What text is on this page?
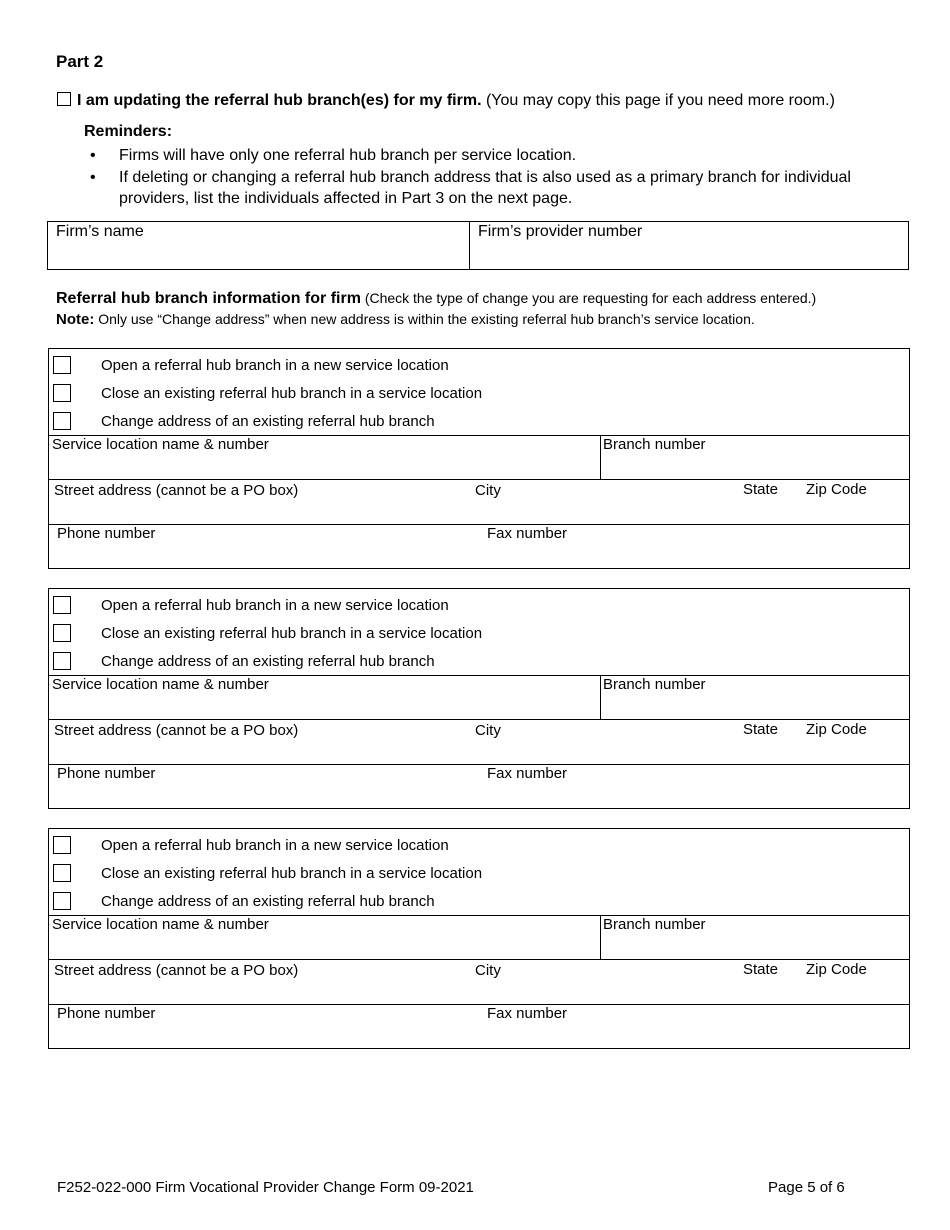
Part 2
I am updating the referral hub branch(es) for my firm. (You may copy this page if you need more room.)
Reminders:
• Firms will have only one referral hub branch per service location.
• If deleting or changing a referral hub branch address that is also used as a primary branch for individual providers, list the individuals affected in Part 3 on the next page.
Firm’s name	Firm’s provider number
Referral hub branch information for firm (Check the type of change you are requesting for each address entered.)
Note: Only use “Change address” when new address is within the existing referral hub branch’s service location.
Open a referral hub branch in a new service location
Close an existing referral hub branch in a service location
Change address of an existing referral hub branch
Service location name & number	Branch number
Street address (cannot be a PO box)	City	State Zip Code
Phone number	Fax number
Open a referral hub branch in a new service location
Close an existing referral hub branch in a service location
Change address of an existing referral hub branch
Service location name & number	Branch number
Street address (cannot be a PO box)	City	State Zip Code
Phone number	Fax number
Open a referral hub branch in a new service location
Close an existing referral hub branch in a service location
Change address of an existing referral hub branch
Service location name & number	Branch number
Street address (cannot be a PO box)	City	State Zip Code
Phone number	Fax number
F252-022-000 Firm Vocational Provider Change Form 09-2021	Page 5 of 6
